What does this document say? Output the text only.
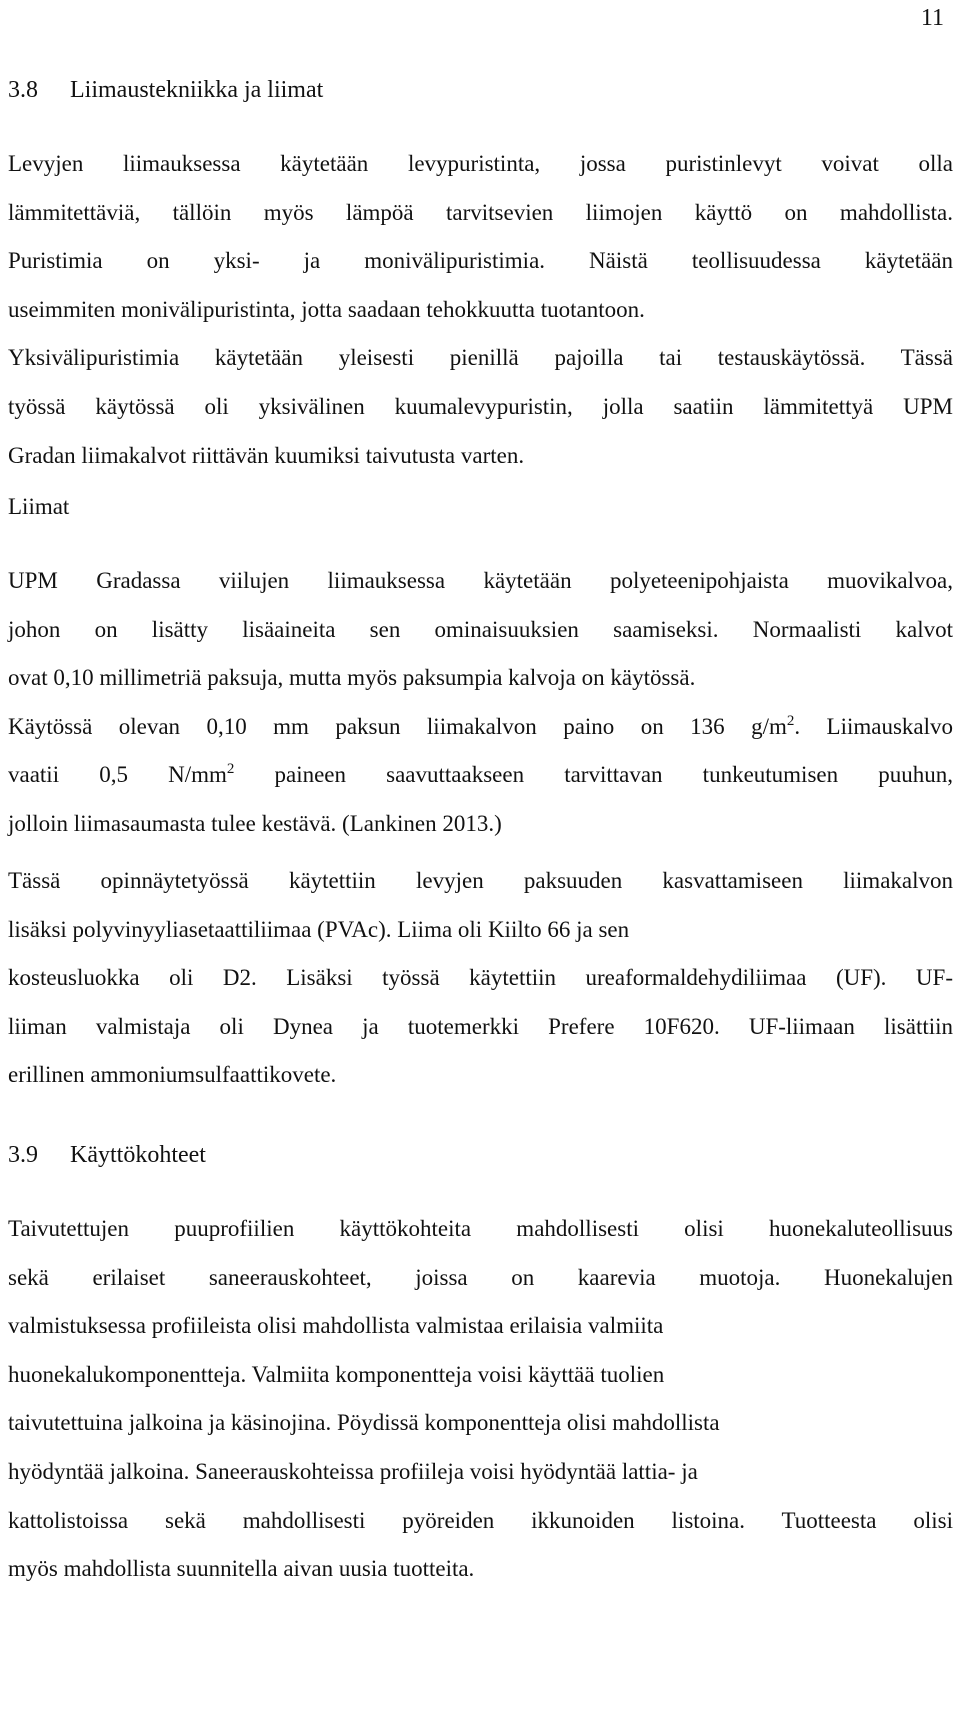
11
3.8 Liimaustekniikka ja liimat
Levyjen liimauksessa käytetään levypuristinta, jossa puristinlevyt voivat olla
lämmitettäviä, tällöin myös lämpöä tarvitsevien liimojen käyttö on mahdollista.
Puristimia on yksi- ja monivälipuristimia. Näistä teollisuudessa käytetään
useimmiten monivälipuristinta, jotta saadaan tehokkuutta tuotantoon.
Yksivälipuristimia käytetään yleisesti pienillä pajoilla tai testauskäytössä. Tässä
työssä käytössä oli yksivälinen kuumalevypuristin, jolla saatiin lämmitettyä UPM
Gradan liimakalvot riittävän kuumiksi taivutusta varten.
Liimat
UPM Gradassa viilujen liimauksessa käytetään polyeteenipohjaista muovikalvoa,
johon on lisätty lisäaineita sen ominaisuuksien saamiseksi. Normaalisti kalvot
ovat 0,10 millimetriä paksuja, mutta myös paksumpia kalvoja on käytössä.
Käytössä olevan 0,10 mm paksun liimakalvon paino on 136 $g/m^2$. Liimauskalvo
vaatii 0,5 $N/mm^2$ paineen saavuttaakseen tarvittavan tunkeutumisen puuhun,
jolloin liimasaumasta tulee kestävä. (Lankinen 2013.)
Tässä opinnäytetyössä käytettiin levyjen paksuuden kasvattamiseen liimakalvon
lisäksi polyvinyyliasetaattiliimaa (PVAc). Liima oli Kiilto 66 ja sen
kosteusluokka oli D2. Lisäksi työssä käytettiin ureaformaldehydiliimaa (UF). UF-
liiman valmistaja oli Dynea ja tuotemerkki Prefere 10F620. UF-liimaan lisättiin
erillinen ammoniumsulfaattikovete.
3.9 Käyttökohteet
Taivutettujen puuprofiilien käyttökohteita mahdollisesti olisi huonekaluteollisuus
sekä erilaiset saneerauskohteet, joissa on kaarevia muotoja. Huonekalujen
valmistuksessa profiileista olisi mahdollista valmistaa erilaisia valmiita
huonekalukomponentteja. Valmiita komponentteja voisi käyttää tuolien
taivutettuina jalkoina ja käsinojina. Pöydissä komponentteja olisi mahdollista
hyödyntää jalkoina. Saneerauskohteissa profiileja voisi hyödyntää lattia- ja
kattolistoissa sekä mahdollisesti pyöreiden ikkunoiden listoina. Tuotteesta olisi
myös mahdollista suunnitella aivan uusia tuotteita.
